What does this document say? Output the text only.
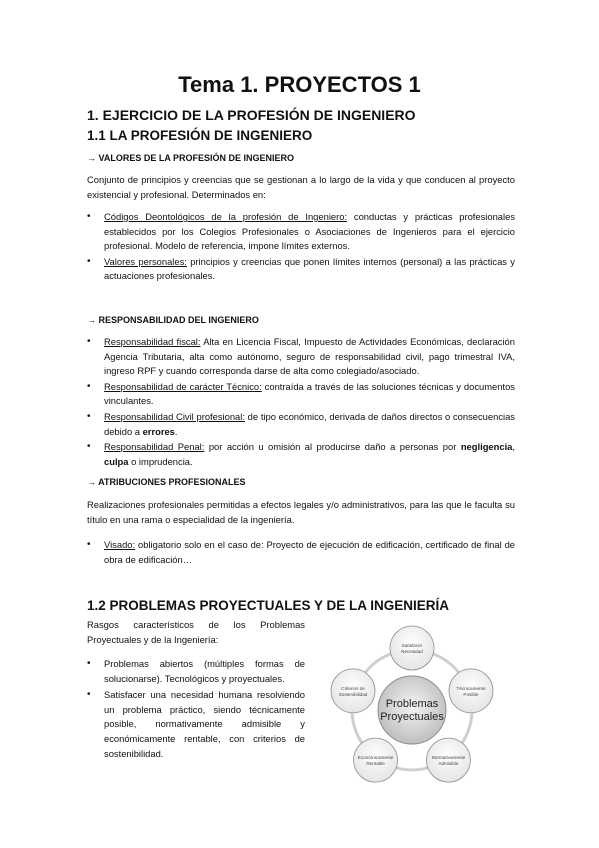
Tema 1. PROYECTOS 1
1. EJERCICIO DE LA PROFESIÓN DE INGENIERO
1.1 LA PROFESIÓN DE INGENIERO
→ VALORES DE LA PROFESIÓN DE INGENIERO

Conjunto de principios y creencias que se gestionan a lo largo de la vida y que conducen al proyecto existencial y profesional. Determinados en:

• Códigos Deontológicos de la profesión de Ingeniero: conductas y prácticas profesionales establecidos por los Colegios Profesionales o Asociaciones de Ingenieros para el ejercicio profesional. Modelo de referencia, impone límites externos.
• Valores personales: principios y creencias que ponen límites internos (personal) a las prácticas y actuaciones profesionales.
→ RESPONSABILIDAD DEL INGENIERO
• Responsabilidad fiscal: Alta en Licencia Fiscal, Impuesto de Actividades Económicas, declaración Agencia Tributaria, alta como autónomo, seguro de responsabilidad civil, pago trimestral IVA, ingreso RPF y cuando corresponda darse de alta como colegiado/asociado.
• Responsabilidad de carácter Técnico: contraída a través de las soluciones técnicas y documentos vinculantes.
• Responsabilidad Civil profesional: de tipo económico, derivada de daños directos o consecuencias debido a errores.
• Responsabilidad Penal: por acción u omisión al producirse daño a personas por negligencia, culpa o imprudencia.
→ ATRIBUCIONES PROFESIONALES

Realizaciones profesionales permitidas a efectos legales y/o administrativos, para las que le faculta su título en una rama o especialidad de la ingeniería.

• Visado: obligatorio solo en el caso de: Proyecto de ejecución de edificación, certificado de final de obra de edificación…
1.2 PROBLEMAS PROYECTUALES Y DE LA INGENIERÍA

Rasgos característicos de los Problemas Proyectuales y de la Ingeniería:

• Problemas abiertos (múltiples formas de solucionarse). Tecnológicos y proyectuales.
• Satisfacer una necesidad humana resolviendo un problema práctico, siendo técnicamente posible, normativamente admisible y económicamente rentable, con criterios de sostenibilidad.
Problemas
Proyectuales
Satisfacer
Necesidad
Técnicamente
Posible
Normativamente
Admisible
Económicamente
Rentable
Criterios de
Sostenibilidad
